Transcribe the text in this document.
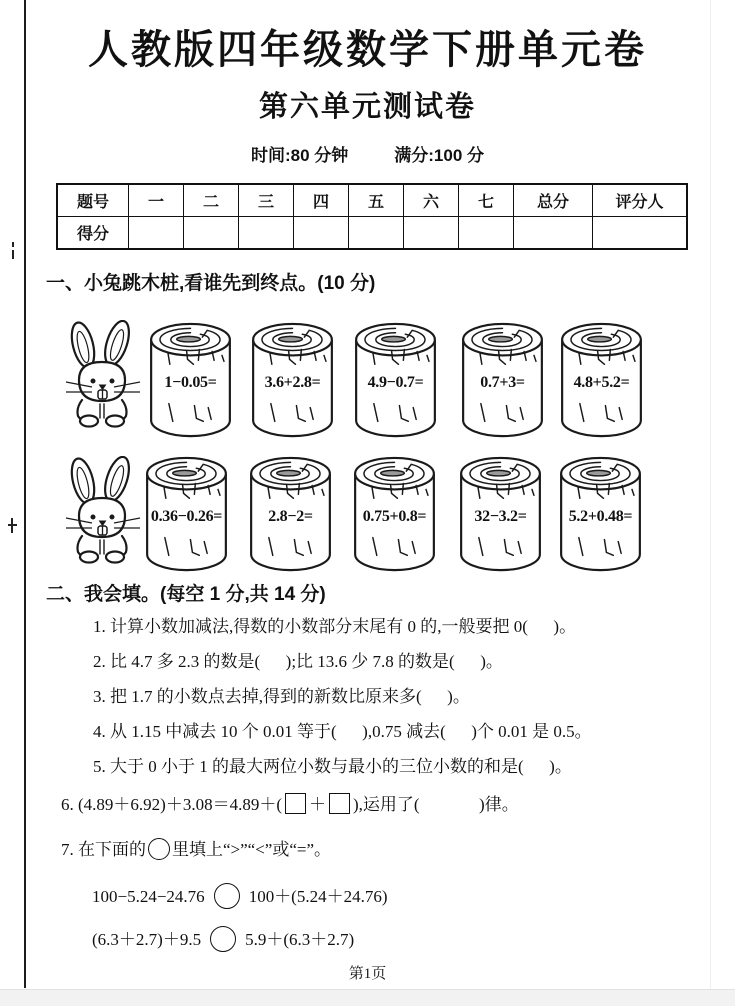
人教版四年级数学下册单元卷
第六单元测试卷
时间:80 分钟	满分:100 分
题号	一	二	三	四	五	六	七	总分	评分人
得分									

一、小兔跳木桩,看谁先到终点。(10 分)

1−0.05=	3.6+2.8=	4.9−0.7=	0.7+3=	4.8+5.2=
0.36−0.26=	2.8−2=	0.75+0.8=	32−3.2=	5.2+0.48=

二、我会填。(每空 1 分,共 14 分)

1. 计算小数加减法,得数的小数部分末尾有 0 的,一般要把 0(      )。

2. 比 4.7 多 2.3 的数是(      );比 13.6 少 7.8 的数是(      )。

3. 把 1.7 的小数点去掉,得到的新数比原来多(      )。

4. 从 1.15 中减去 10 个 0.01 等于(      ),0.75 减去(      )个 0.01 是 0.5。

5. 大于 0 小于 1 的最大两位小数与最小的三位小数的和是(      )。

6. (4.89＋6.92)＋3.08＝4.89＋( ＋ ),运用了(              )律。

7. 在下面的 里填上“>”“<”或“=”。

100−5.24−24.76	100＋(5.24＋24.76)

(6.3＋2.7)＋9.5	5.9＋(6.3＋2.7)

第1页
